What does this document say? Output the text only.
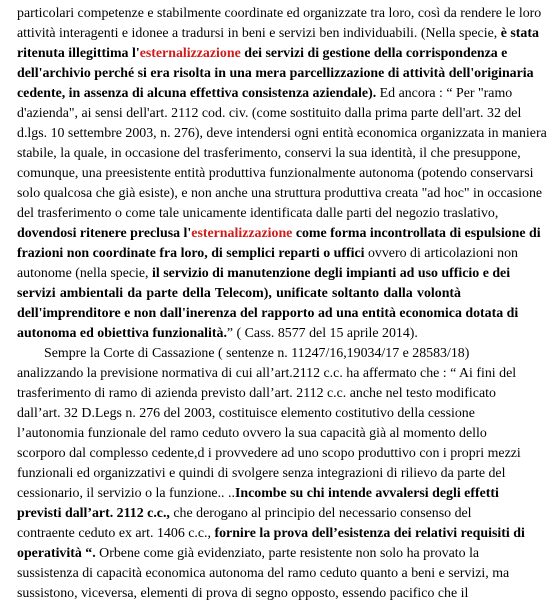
particolari competenze e stabilmente coordinate ed organizzate tra loro, così da rendere le loro
attività interagenti e idonee a tradursi in beni e servizi ben individuabili. (Nella specie, è stata
ritenuta illegittima l'esternalizzazione dei servizi di gestione della corrispondenza e
dell'archivio perché si era risolta in una mera parcellizzazione di attività dell'originaria
cedente, in assenza di alcuna effettiva consistenza aziendale). Ed ancora : “ Per "ramo
d'azienda", ai sensi dell'art. 2112 cod. civ. (come sostituito dalla prima parte dell'art. 32 del
d.lgs. 10 settembre 2003, n. 276), deve intendersi ogni entità economica organizzata in maniera
stabile, la quale, in occasione del trasferimento, conservi la sua identità, il che presuppone,
comunque, una preesistente entità produttiva funzionalmente autonoma (potendo conservarsi
solo qualcosa che già esiste), e non anche una struttura produttiva creata "ad hoc" in occasione
del trasferimento o come tale unicamente identificata dalle parti del negozio traslativo,
dovendosi ritenere preclusa l'esternalizzazione come forma incontrollata di espulsione di
frazioni non coordinate fra loro, di semplici reparti o uffici ovvero di articolazioni non
autonome (nella specie, il servizio di manutenzione degli impianti ad uso ufficio e dei
servizi ambientali da parte della Telecom), unificate soltanto dalla volontà
dell'imprenditore e non dall'inerenza del rapporto ad una entità economica dotata di
autonoma ed obiettiva funzionalità.” ( Cass. 8577 del 15 aprile 2014).
Sempre la Corte di Cassazione ( sentenze n. 11247/16,19034/17 e 28583/18)
analizzando la previsione normativa di cui all’art.2112 c.c. ha affermato che : “ Ai fini del
trasferimento di ramo di azienda previsto dall’art. 2112 c.c. anche nel testo modificato
dall’art. 32 D.Legs n. 276 del 2003, costituisce elemento costitutivo della cessione
l’autonomia funzionale del ramo ceduto ovvero la sua capacità già al momento dello
scorporo dal complesso cedente,d i provvedere ad uno scopo produttivo con i propri mezzi
funzionali ed organizzativi e quindi di svolgere senza integrazioni di rilievo da parte del
cessionario, il servizio o la funzione.. ..Incombe su chi intende avvalersi degli effetti
previsti dall’art. 2112 c.c., che derogano al principio del necessario consenso del
contraente ceduto ex art. 1406 c.c., fornire la prova dell’esistenza dei relativi requisiti di
operatività “. Orbene come già evidenziato, parte resistente non solo ha provato la
sussistenza di capacità economica autonoma del ramo ceduto quanto a beni e servizi, ma
sussistono, viceversa, elementi di prova di segno opposto, essendo pacifico che il
